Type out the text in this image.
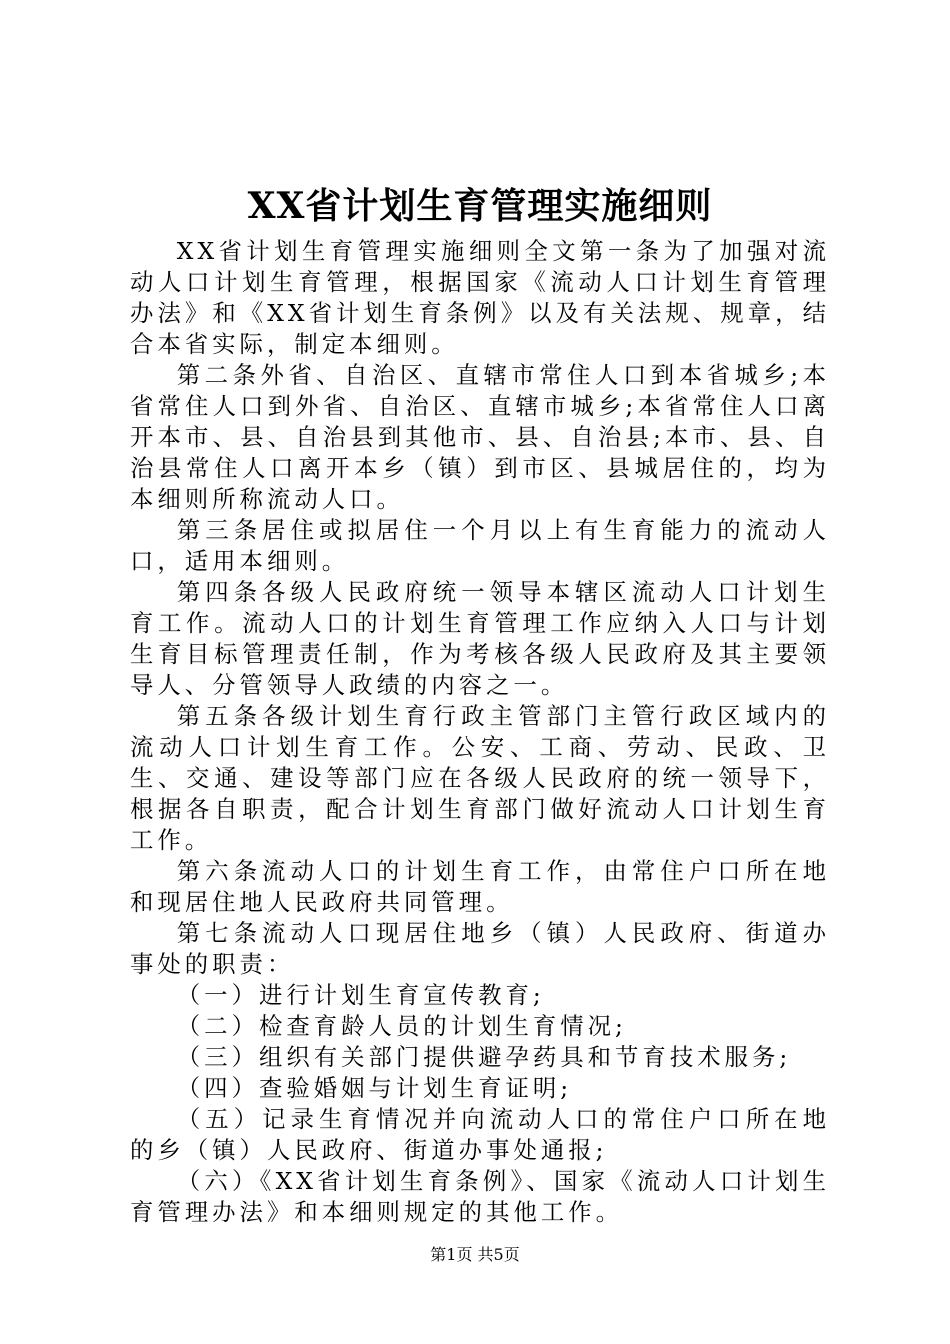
XX省计划生育管理实施细则

XX省计划生育管理实施细则全文第一条为了加强对流动人口计划生育管理，根据国家《流动人口计划生育管理办法》和《XX省计划生育条例》以及有关法规、规章，结合本省实际，制定本细则。

第二条外省、自治区、直辖市常住人口到本省城乡;本省常住人口到外省、自治区、直辖市城乡;本省常住人口离开本市、县、自治县到其他市、县、自治县;本市、县、自治县常住人口离开本乡（镇）到市区、县城居住的，均为本细则所称流动人口。

第三条居住或拟居住一个月以上有生育能力的流动人口，适用本细则。

第四条各级人民政府统一领导本辖区流动人口计划生育工作。流动人口的计划生育管理工作应纳入人口与计划生育目标管理责任制，作为考核各级人民政府及其主要领导人、分管领导人政绩的内容之一。

第五条各级计划生育行政主管部门主管行政区域内的流动人口计划生育工作。公安、工商、劳动、民政、卫生、交通、建设等部门应在各级人民政府的统一领导下，根据各自职责，配合计划生育部门做好流动人口计划生育工作。

第六条流动人口的计划生育工作，由常住户口所在地和现居住地人民政府共同管理。

第七条流动人口现居住地乡（镇）人民政府、街道办事处的职责：

（一）进行计划生育宣传教育;

（二）检查育龄人员的计划生育情况;

（三）组织有关部门提供避孕药具和节育技术服务;

（四）查验婚姻与计划生育证明;

（五）记录生育情况并向流动人口的常住户口所在地的乡（镇）人民政府、街道办事处通报;

（六）《XX省计划生育条例》、国家《流动人口计划生育管理办法》和本细则规定的其他工作。

第1页 共5页
